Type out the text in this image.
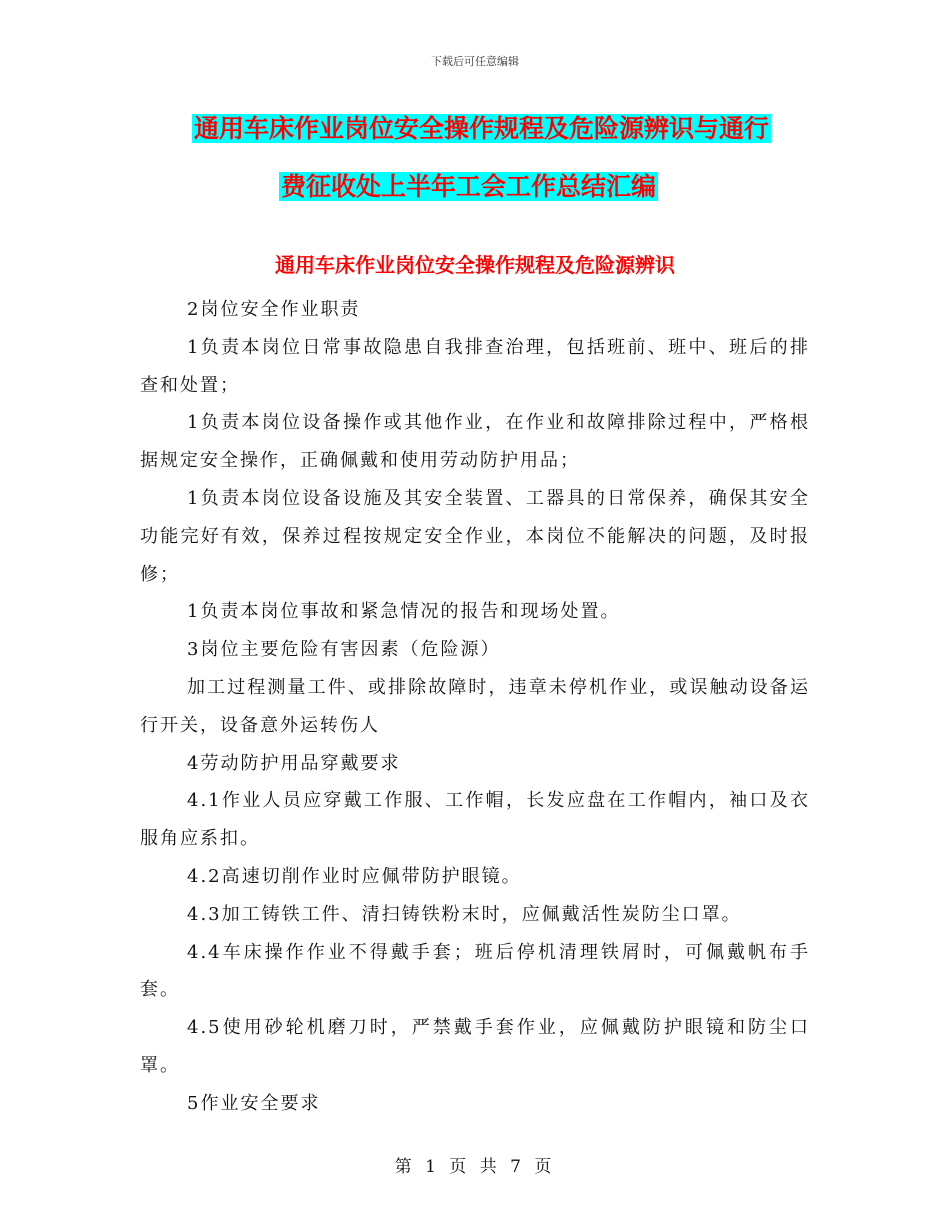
下载后可任意编辑
通用车床作业岗位安全操作规程及危险源辨识与通行
费征收处上半年工会工作总结汇编
通用车床作业岗位安全操作规程及危险源辨识

2岗位安全作业职责

1负责本岗位日常事故隐患自我排查治理，包括班前、班中、班后的排查和处置；

1负责本岗位设备操作或其他作业，在作业和故障排除过程中，严格根据规定安全操作，正确佩戴和使用劳动防护用品；

1负责本岗位设备设施及其安全装置、工器具的日常保养，确保其安全功能完好有效，保养过程按规定安全作业，本岗位不能解决的问题，及时报修；

1负责本岗位事故和紧急情况的报告和现场处置。

3岗位主要危险有害因素（危险源）

加工过程测量工件、或排除故障时，违章未停机作业，或误触动设备运行开关，设备意外运转伤人

4劳动防护用品穿戴要求

4.1作业人员应穿戴工作服、工作帽，长发应盘在工作帽内，袖口及衣服角应系扣。

4.2高速切削作业时应佩带防护眼镜。

4.3加工铸铁工件、清扫铸铁粉末时，应佩戴活性炭防尘口罩。

4.4车床操作作业不得戴手套；班后停机清理铁屑时，可佩戴帆布手套。

4.5使用砂轮机磨刀时，严禁戴手套作业，应佩戴防护眼镜和防尘口罩。

5作业安全要求

第 1 页 共 7 页
